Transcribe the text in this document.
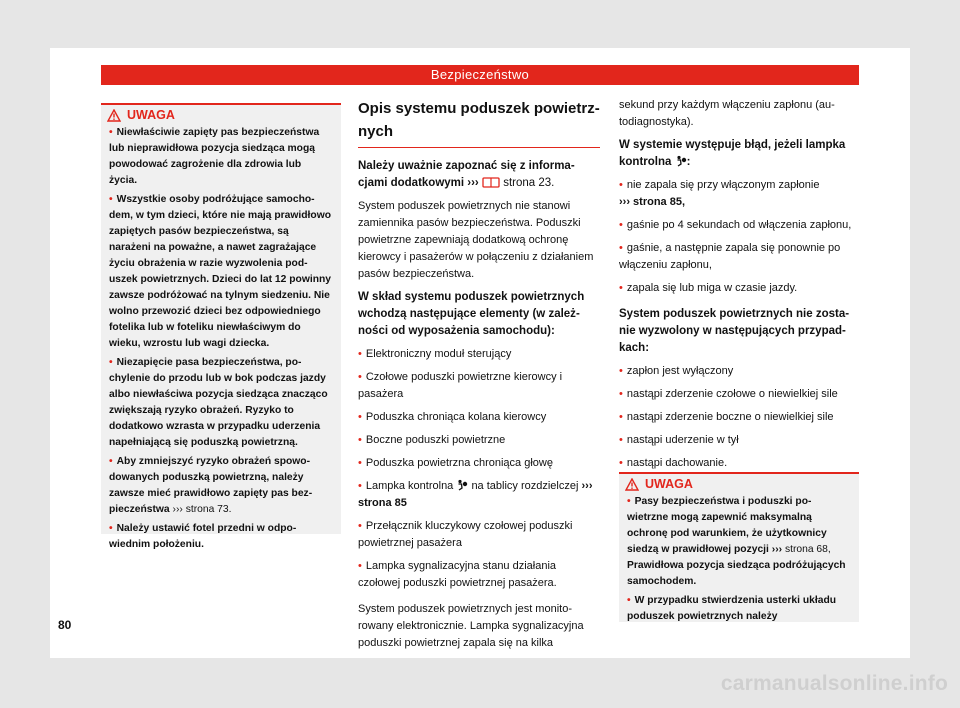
Bezpieczeństwo
UWAGA

• Niewłaściwie zapięty pas bezpieczeństwa lub nieprawidłowa pozycja siedząca mogą powodować zagrożenie dla zdrowia lub życia.

• Wszystkie osoby podróżujące samochodem, w tym dzieci, które nie mają prawidłowo zapiętych pasów bezpieczeństwa, są narażeni na poważne, a nawet zagrażające życiu obrażenia w razie wyzwolenia poduszek powietrznych. Dzieci do lat 12 powinny zawsze podróżować na tylnym siedzeniu. Nie wolno przewozić dzieci bez odpowiedniego fotelika lub w foteliku niewłaściwym do wieku, wzrostu lub wagi dziecka.

• Niezapięcie pasa bezpieczeństwa, pochylenie do przodu lub w bok podczas jazdy albo niewłaściwa pozycja siedząca znacząco zwiększają ryzyko obrażeń. Ryzyko to dodatkowo wzrasta w przypadku uderzenia napełniającą się poduszką powietrzną.

• Aby zmniejszyć ryzyko obrażeń spowodowanych poduszką powietrzną, należy zawsze mieć prawidłowo zapięty pas bezpieczeństwa ››› strona 73.

• Należy ustawić fotel przedni w odpowiednim położeniu.

Opis systemu poduszek powietrznych

Należy uważnie zapoznać się z informacjami dodatkowymi ››› strona 23.

System poduszek powietrznych nie stanowi zamiennika pasów bezpieczeństwa. Poduszki powietrzne zapewniają dodatkową ochronę kierowcy i pasażerów w połączeniu z działaniem pasów bezpieczeństwa.

W skład systemu poduszek powietrznych wchodzą następujące elementy (w zależności od wyposażenia samochodu):

• Elektroniczny moduł sterujący

• Czołowe poduszki powietrzne kierowcy i pasażera

• Poduszka chroniąca kolana kierowcy

• Boczne poduszki powietrzne

• Poduszka powietrzna chroniąca głowę

• Lampka kontrolna na tablicy rozdzielczej ››› strona 85

• Przełącznik kluczykowy czołowej poduszki powietrznej pasażera

• Lampka sygnalizacyjna stanu działania czołowej poduszki powietrznej pasażera.

System poduszek powietrznych jest monitorowany elektronicznie. Lampka sygnalizacyjna poduszki powietrznej zapala się na kilka

sekund przy każdym włączeniu zapłonu (autodiagnostyka).

W systemie występuje błąd, jeżeli lampka kontrolna :

• nie zapala się przy włączonym zapłonie
››› strona 85,

• gaśnie po 4 sekundach od włączenia zapłonu,

• gaśnie, a następnie zapala się ponownie po włączeniu zapłonu,

• zapala się lub miga w czasie jazdy.

System poduszek powietrznych nie zostanie wyzwolony w następujących przypadkach:

• zapłon jest wyłączony

• nastąpi zderzenie czołowe o niewielkiej sile

• nastąpi zderzenie boczne o niewielkiej sile

• nastąpi uderzenie w tył

• nastąpi dachowanie.

UWAGA

• Pasy bezpieczeństwa i poduszki powietrzne mogą zapewnić maksymalną ochronę pod warunkiem, że użytkownicy siedzą w prawidłowej pozycji ››› strona 68, Prawidłowa pozycja siedząca podróżujących samochodem.

• W przypadku stwierdzenia usterki układu poduszek powietrznych należy

80
carmanualsonline.info
